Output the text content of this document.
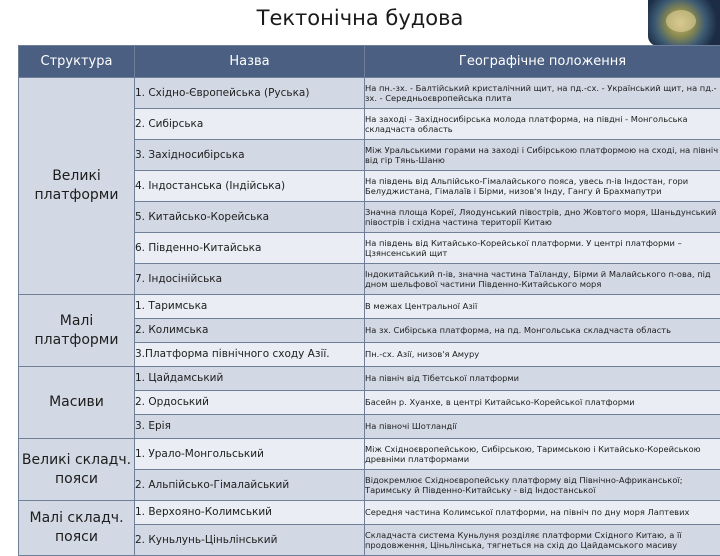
Тектонічна будова
Структура	Назва	Географічне положення
Великі платформи	1. Східно-Європейська (Руська)	На пн.-зх. - Балтійський кристалічний щит, на пд.-сх. - Український щит, на пд.-зх. - Середньоєвропейська плита
	2. Сибірська	На заході - Західносибірська молода платформа, на півдні - Монгольська складчаста область
	3. Західносибірська	Між Уральськими горами на заході і Сибірською платформою на сході, на північ від гір Тянь-Шаню
	4. Індостанська (Індійська)	На південь від Альпійсько-Гімалайського пояса, увесь п-ів Індостан, гори Белуджистана, Гімалаїв і Бірми, низов'я Інду, Гангу й Брахмапутри
	5. Китайсько-Корейська	Значна площа Кореї, Ляодунський півострів, дно Жовтого моря, Шаньдунський півострів і східна частина території Китаю
	6. Південно-Китайська	На південь від Китайсько-Корейської платформи. У центрі платформи – Цзянсенський щит
	7. Індосінійська	Індокитайський п-ів, значна частина Таїланду, Бірми й Малайського п-ова, під дном шельфової частини Південно-Китайського моря
Малі платформи	1. Таримська	В межах Центральної Азії
	2. Колимська	На зх. Сибірська платформа, на пд. Монгольська складчаста область
	3.Платформа північного сходу Азії.	Пн.-сх. Азії, низов'я Амуру
Масиви	1. Цайдамський	На північ від Тібетської платформи
	2. Ордоський	Басейн р. Хуанхе, в центрі Китайсько-Корейської платформи
	3. Ерія	На півночі Шотландії
Великі складч. пояси	1. Урало-Монгольський	Між Східноєвропейською, Сибірською, Таримською і Китайсько-Корейською древніми платформами
	2. Альпійсько-Гімалайський	Відокремлює Східноєвропейську платформу від Північно-Африканської; Таримську й Південно-Китайську - від Індостанської
Малі складч. пояси	1. Верхояно-Колимський	Середня частина Колимської платформи, на північ по дну моря Лаптевих
	2. Куньлунь-Ціньлінський	Складчаста система Куньлуня розділяє платформи Східного Китаю, а її продовження, Ціньлінська, тягнеться на схід до Цайдамського масиву
